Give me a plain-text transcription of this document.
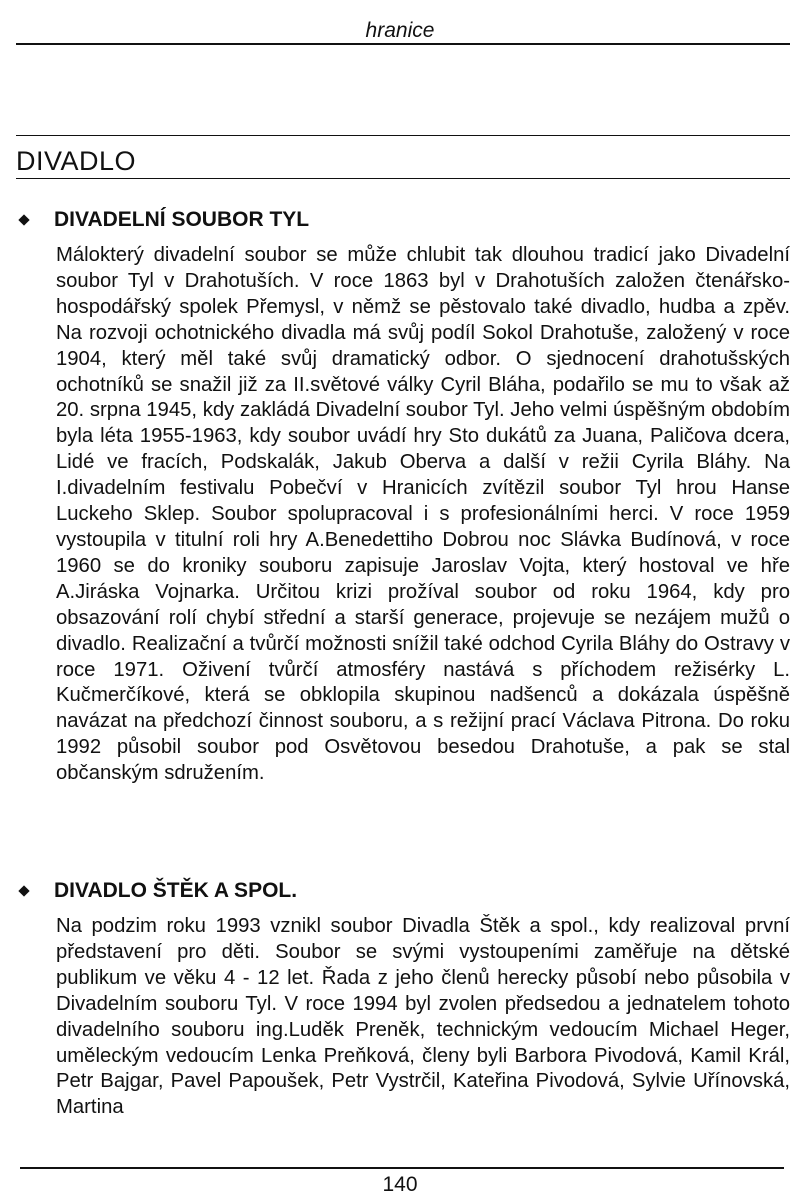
hranice
DIVADLO
DIVADELNÍ SOUBOR TYL
Málokterý divadelní soubor se může chlubit tak dlouhou tradicí jako Divadelní soubor Tyl v Drahotuších. V roce 1863 byl v Drahotuších založen čtenářsko-hospodářský spolek Přemysl, v němž se pěstovalo také divadlo, hudba a zpěv. Na rozvoji ochotnického divadla má svůj podíl Sokol Drahotuše, založený v roce 1904, který měl také svůj dramatický odbor. O sjednocení drahotušských ochotníků se snažil již za II.světové války Cyril Bláha, podařilo se mu to však až 20. srpna 1945, kdy zakládá Divadelní soubor Tyl. Jeho velmi úspěšným obdobím byla léta 1955-1963, kdy soubor uvádí hry Sto dukátů za Juana, Paličova dcera, Lidé ve fracích, Podskalák, Jakub Oberva a další v režii Cyrila Bláhy. Na I.divadelním festivalu Pobečví v Hranicích zvítězil soubor Tyl hrou Hanse Luckeho Sklep. Soubor spolupracoval i s profesionálními herci. V roce 1959 vystoupila v titulní roli hry A.Benedettiho Dobrou noc Slávka Budínová, v roce 1960 se do kroniky souboru zapisuje Jaroslav Vojta, který hostoval ve hře A.Jiráska Vojnarka. Určitou krizi prožíval soubor od roku 1964, kdy pro obsazování rolí chybí střední a starší generace, projevuje se nezájem mužů o divadlo. Realizační a tvůrčí možnosti snížil také odchod Cyrila Bláhy do Ostravy v roce 1971. Oživení tvůrčí atmosféry nastává s příchodem režisérky L. Kučmerčíkové, která se obklopila skupinou nadšenců a dokázala úspěšně navázat na předchozí činnost souboru, a s režijní prací Václava Pitrona. Do roku 1992 působil soubor pod Osvětovou besedou Drahotuše, a pak se stal občanským sdružením.
DIVADLO ŠTĚK A SPOL.
Na podzim roku 1993 vznikl soubor Divadla Štěk a spol., kdy realizoval první představení pro děti. Soubor se svými vystoupeními zaměřuje na dětské publikum ve věku 4 - 12 let. Řada z jeho členů herecky působí nebo působila v Divadelním souboru Tyl. V roce 1994 byl zvolen předsedou a jednatelem tohoto divadelního souboru ing.Luděk Preněk, technickým vedoucím Michael Heger, uměleckým vedoucím Lenka Preňková, členy byli Barbora Pivodová, Kamil Král, Petr Bajgar, Pavel Papoušek, Petr Vystrčil, Kateřina Pivodová, Sylvie Uřínovská, Martina
140
